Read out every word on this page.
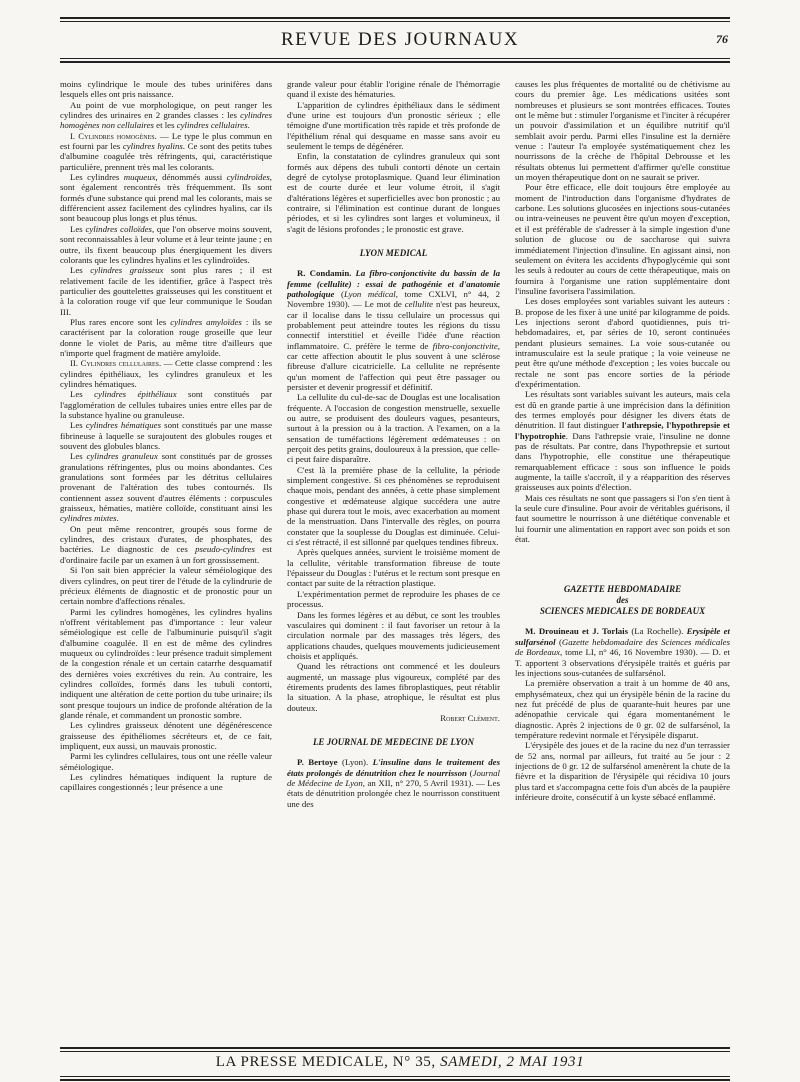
REVUE DES JOURNAUX	76

moins cylindrique le moule des tubes urinifères dans lesquels elles ont pris naissance.

Au point de vue morphologique, on peut ranger les cylindres des urinaires en 2 grandes classes : les cylindres homogènes non cellulaires et les cylindres cellulaires.

I. Cylindres homogènes. — Le type le plus commun en est fourni par les cylindres hyalins. Ce sont des petits tubes d'albumine coagulée très réfringents, qui, caractéristique particulière, prennent très mal les colorants.

Les cylindres muqueux, dénommés aussi cylindroïdes, sont également rencontrés très fréquemment. Ils sont formés d'une substance qui prend mal les colorants, mais se différencient assez facilement des cylindres hyalins, car ils sont beaucoup plus longs et plus ténus.

Les cylindres colloïdes, que l'on observe moins souvent, sont reconnaissables à leur volume et à leur teinte jaune ; en outre, ils fixent beaucoup plus énergiquement les divers colorants que les cylindres hyalins et les cylindroïdes.

Les cylindres graisseux sont plus rares ; il est relativement facile de les identifier, grâce à l'aspect très particulier des gouttelettes graisseuses qui les constituent et à la coloration rouge vif que leur communique le Soudan III.

Plus rares encore sont les cylindres amyloïdes : ils se caractérisent par la coloration rouge groseille que leur donne le violet de Paris, au même titre d'ailleurs que n'importe quel fragment de matière amyloïde.

II. Cylindres cellulaires. — Cette classe comprend : les cylindres épithéliaux, les cylindres granuleux et les cylindres hématiques.

Les cylindres épithéliaux sont constitués par l'agglomération de cellules tubaires unies entre elles par de la substance hyaline ou granuleuse.

Les cylindres hématiques sont constitués par une masse fibrineuse à laquelle se surajoutent des globules rouges et souvent des globules blancs.

Les cylindres granuleux sont constitués par de grosses granulations réfringentes, plus ou moins abondantes. Ces granulations sont formées par les détritus cellulaires provenant de l'altération des tubes contournés. Ils contiennent assez souvent d'autres éléments : corpuscules graisseux, hématies, matière colloïde, constituant ainsi les cylindres mixtes.

On peut même rencontrer, groupés sous forme de cylindres, des cristaux d'urates, de phosphates, des bactéries. Le diagnostic de ces pseudo-cylindres est d'ordinaire facile par un examen à un fort grossissement.

Si l'on sait bien apprécier la valeur séméiologique des divers cylindres, on peut tirer de l'étude de la cylindrurie de précieux éléments de diagnostic et de pronostic pour un certain nombre d'affections rénales.

Parmi les cylindres homogènes, les cylindres hyalins n'offrent véritablement pas d'importance : leur valeur séméiologique est celle de l'albuminurie puisqu'il s'agit d'albumine coagulée. Il en est de même des cylindres muqueux ou cylindroïdes : leur présence traduit simplement de la congestion rénale et un certain catarrhe desquamatif des dernières voies excrétives du rein. Au contraire, les cylindres colloïdes, formés dans les tubuli contorti, indiquent une altération de cette portion du tube urinaire; ils sont presque toujours un indice de profonde altération de la glande rénale, et commandent un pronostic sombre.

Les cylindres graisseux dénotent une dégénérescence graisseuse des épithéliomes sécréteurs et, de ce fait, impliquent, eux aussi, un mauvais pronostic.

Parmi les cylindres cellulaires, tous ont une réelle valeur séméiologique.

Les cylindres hématiques indiquent la rupture de capillaires congestionnés ; leur présence a une

grande valeur pour établir l'origine rénale de l'hémorragie quand il existe des hématuries.

L'apparition de cylindres épithéliaux dans le sédiment d'une urine est toujours d'un pronostic sérieux ; elle témoigne d'une mortification très rapide et très profonde de l'épithélium rénal qui desquame en masse sans avoir eu seulement le temps de dégénérer.

Enfin, la constatation de cylindres granuleux qui sont formés aux dépens des tubuli contorti dénote un certain degré de cytolyse protoplasmique. Quand leur élimination est de courte durée et leur volume étroit, il s'agit d'altérations légères et superficielles avec bon pronostic ; au contraire, si l'élimination est continue durant de longues périodes, et si les cylindres sont larges et volumineux, il s'agit de lésions profondes ; le pronostic est grave.

LYON MEDICAL

R. Condamin. La fibro-conjonctivite du bassin de la femme (cellulite) : essai de pathogénie et d'anatomie pathologique (Lyon médical, tome CXLVI, n° 44, 2 Novembre 1930). — Le mot de cellulite n'est pas heureux, car il localise dans le tissu cellulaire un processus qui probablement peut atteindre toutes les régions du tissu connectif interstitiel et éveille l'idée d'une réaction inflammatoire. C. préfère le terme de fibro-conjonctivite, car cette affection aboutit le plus souvent à une sclérose fibreuse d'allure cicatricielle. La cellulite ne représente qu'un moment de l'affection qui peut être passager ou persister et devenir progressif et définitif.

La cellulite du cul-de-sac de Douglas est une localisation fréquente. A l'occasion de congestion menstruelle, sexuelle ou autre, se produisent des douleurs vagues, pesanteurs, surtout à la pression ou à la traction. A l'examen, on a la sensation de tuméfactions légèrement œdémateuses : on perçoit des petits grains, douloureux à la pression, que celle-ci peut faire disparaître.

C'est là la première phase de la cellulite, la période simplement congestive. Si ces phénomènes se reproduisent chaque mois, pendant des années, à cette phase simplement congestive et œdémateuse algique succédera une autre phase qui durera tout le mois, avec exacerbation au moment de la menstruation. Dans l'intervalle des règles, on pourra constater que la souplesse du Douglas est diminuée. Celui-ci s'est rétracté, il est sillonné par quelques tendines fibreux.

Après quelques années, survient le troisième moment de la cellulite, véritable transformation fibreuse de toute l'épaisseur du Douglas : l'utérus et le rectum sont presque en contact par suite de la rétraction plastique.

L'expérimentation permet de reproduire les phases de ce processus.

Dans les formes légères et au début, ce sont les troubles vasculaires qui dominent : il faut favoriser un retour à la circulation normale par des massages très légers, des applications chaudes, quelques mouvements judicieusement choisis et appliqués.

Quand les rétractions ont commencé et les douleurs augmenté, un massage plus vigoureux, complété par des étirements prudents des lames fibroplastiques, peut rétablir la situation. A la phase, atrophique, le résultat est plus douteux.

Robert Clément.
LE JOURNAL DE MEDECINE DE LYON

P. Bertoye (Lyon). L'insuline dans le traitement des états prolongés de dénutrition chez le nourrisson (Journal de Médecine de Lyon, an XII, n° 270, 5 Avril 1931). — Les états de dénutrition prolongée chez le nourrisson constituent une des

causes les plus fréquentes de mortalité ou de chétivisme au cours du premier âge. Les médications usitées sont nombreuses et plusieurs se sont montrées efficaces. Toutes ont le même but : stimuler l'organisme et l'inciter à récupérer un pouvoir d'assimilation et un équilibre nutritif qu'il semblait avoir perdu. Parmi elles l'insuline est la dernière venue : l'auteur l'a employée systématiquement chez les nourrissons de la crèche de l'hôpital Debrousse et les résultats obtenus lui permettent d'affirmer qu'elle constitue un moyen thérapeutique dont on ne saurait se priver.

Pour être efficace, elle doit toujours être employée au moment de l'introduction dans l'organisme d'hydrates de carbone. Les solutions glucosées en injections sous-cutanées ou intra-veineuses ne peuvent être qu'un moyen d'exception, et il est préférable de s'adresser à la simple ingestion d'une solution de glucose ou de saccharose qui suivra immédiatement l'injection d'insuline. En agissant ainsi, non seulement on évitera les accidents d'hypoglycémie qui sont les seuls à redouter au cours de cette thérapeutique, mais on fournira à l'organisme une ration supplémentaire dont l'insuline favorisera l'assimilation.

Les doses employées sont variables suivant les auteurs : B. propose de les fixer à une unité par kilogramme de poids. Les injections seront d'abord quotidiennes, puis tri-hebdomadaires, et, par séries de 10, seront continuées pendant plusieurs semaines. La voie sous-cutanée ou intramusculaire est la seule pratique ; la voie veineuse ne peut être qu'une méthode d'exception ; les voies buccale ou rectale ne sont pas encore sorties de la période d'expérimentation.

Les résultats sont variables suivant les auteurs, mais cela est dû en grande partie à une imprécision dans la définition des termes employés pour désigner les divers états de dénutrition. Il faut distinguer l'athrepsie, l'hypothrepsie et l'hypotrophie. Dans l'athrepsie vraie, l'insuline ne donne pas de résultats. Par contre, dans l'hypothrepsie et surtout dans l'hypotrophie, elle constitue une thérapeutique remarquablement efficace : sous son influence le poids augmente, la taille s'accroît, il y a réapparition des réserves graisseuses aux points d'élection.

Mais ces résultats ne sont que passagers si l'on s'en tient à la seule cure d'insuline. Pour avoir de véritables guérisons, il faut soumettre le nourrisson à une diététique convenable et lui fournir une alimentation en rapport avec son poids et son état.

GAZETTE HEBDOMADAIRE
des
SCIENCES MEDICALES DE BORDEAUX

M. Drouineau et J. Torlais (La Rochelle). Erysipèle et sulfarsénol (Gazette hebdomadaire des Sciences médicales de Bordeaux, tome LI, n° 46, 16 Novembre 1930). — D. et T. apportent 3 observations d'érysipèle traités et guéris par les injections sous-cutanées de sulfarsénol.

La première observation a trait à un homme de 40 ans, emphysémateux, chez qui un érysipèle bénin de la racine du nez fut précédé de plus de quarante-huit heures par une adénopathie cervicale qui égara momentanément le diagnostic. Après 2 injections de 0 gr. 02 de sulfarsénol, la température redevint normale et l'érysipèle disparut.

L'érysipèle des joues et de la racine du nez d'un terrassier de 52 ans, normal par ailleurs, fut traité au 5e jour : 2 injections de 0 gr. 12 de sulfarsénol amenèrent la chute de la fièvre et la disparition de l'érysipèle qui récidiva 10 jours plus tard et s'accompagna cette fois d'un abcès de la paupière inférieure droite, consécutif à un kyste sébacé enflammé.

LA PRESSE MEDICALE, N° 35, SAMEDI, 2 MAI 1931
